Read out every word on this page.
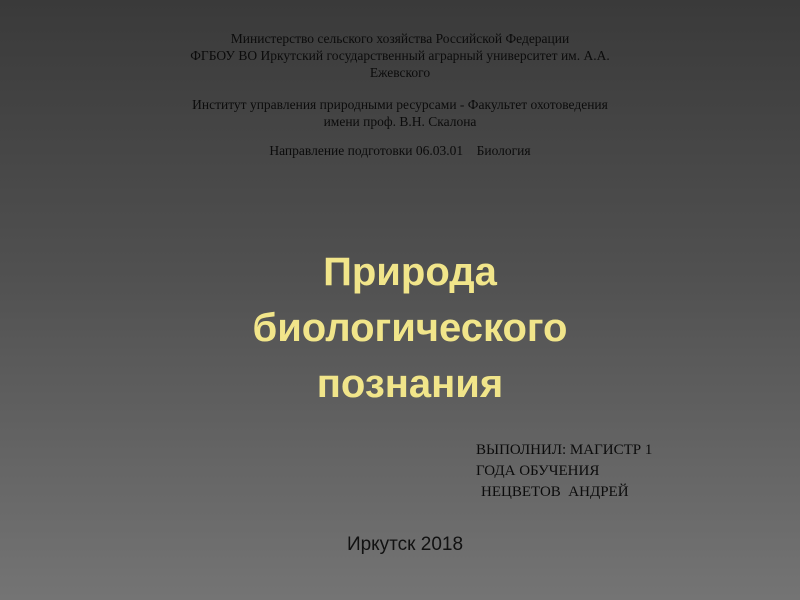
Министерство сельского хозяйства Российской Федерации
ФГБОУ ВО Иркутский государственный аграрный университет им. А.А.
Ежевского
Институт управления природными ресурсами - Факультет охотоведения
имени проф. В.Н. Скалона
Направление подготовки 06.03.01    Биология
Природа
биологического
познания
ВЫПОЛНИЛ: МАГИСТР 1
ГОДА ОБУЧЕНИЯ
НЕЦВЕТОВ  АНДРЕЙ
Иркутск 2018
